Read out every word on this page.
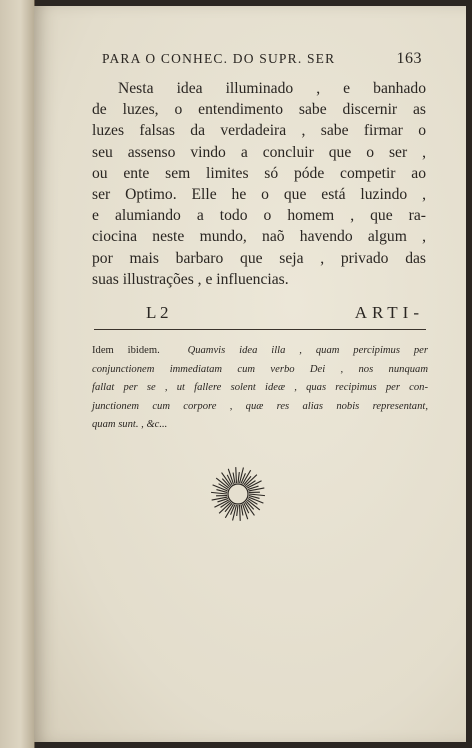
PARA O CONHEC. DO SUPR. SER	163
Nesta idea illuminado , e banhado
de luzes, o entendimento sabe discernir as
luzes falsas da verdadeira , sabe firmar o
seu assenso vindo a concluir que o ser ,
ou ente sem limites só póde competir ao
ser Optimo. Elle he o que está luzindo ,
e alumiando a todo o homem , que ra-
ciocina neste mundo, naõ havendo algum ,
por mais barbaro que seja , privado das
suas illustrações , e influencias.
L 2	ARTI-
Idem ibidem.	Quamvis idea illa , quam percipimus per
conjunctionem immediatam cum verbo Dei , nos nunquam
fallat per se , ut fallere solent ideæ , quas recipimus per con-
junctionem cum corpore , quæ res alias nobis representant,
quam sunt. , &c...
